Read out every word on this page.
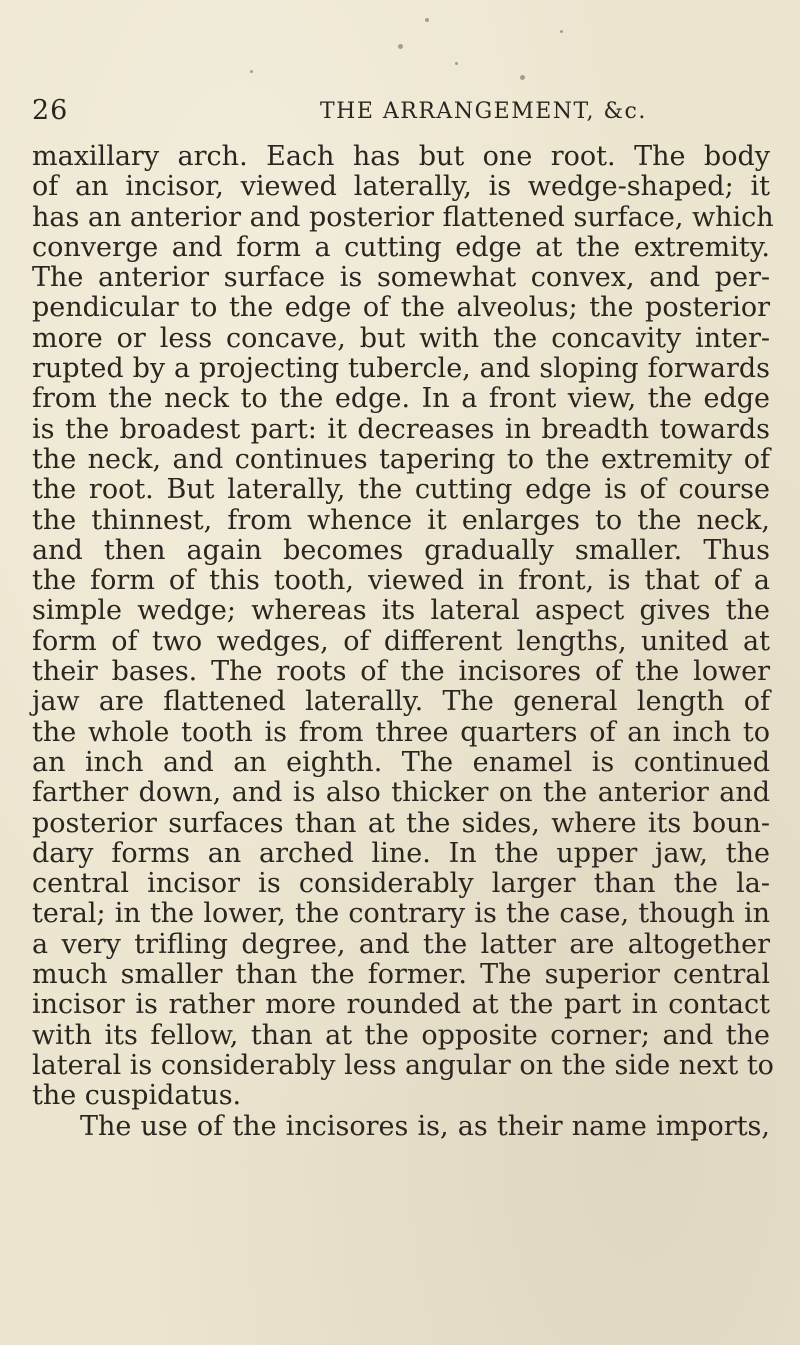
26	THE ARRANGEMENT, &c.
maxillary arch. Each has but one root. The body
of an incisor, viewed laterally, is wedge-shaped; it
has an anterior and posterior flattened surface, which
converge and form a cutting edge at the extremity.
The anterior surface is somewhat convex, and per-
pendicular to the edge of the alveolus; the posterior
more or less concave, but with the concavity inter-
rupted by a projecting tubercle, and sloping forwards
from the neck to the edge. In a front view, the edge
is the broadest part: it decreases in breadth towards
the neck, and continues tapering to the extremity of
the root. But laterally, the cutting edge is of course
the thinnest, from whence it enlarges to the neck,
and then again becomes gradually smaller. Thus
the form of this tooth, viewed in front, is that of a
simple wedge; whereas its lateral aspect gives the
form of two wedges, of different lengths, united at
their bases. The roots of the incisores of the lower
jaw are flattened laterally. The general length of
the whole tooth is from three quarters of an inch to
an inch and an eighth. The enamel is continued
farther down, and is also thicker on the anterior and
posterior surfaces than at the sides, where its boun-
dary forms an arched line. In the upper jaw, the
central incisor is considerably larger than the la-
teral; in the lower, the contrary is the case, though in
a very trifling degree, and the latter are altogether
much smaller than the former. The superior central
incisor is rather more rounded at the part in contact
with its fellow, than at the opposite corner; and the
lateral is considerably less angular on the side next to
the cuspidatus.
The use of the incisores is, as their name imports,
